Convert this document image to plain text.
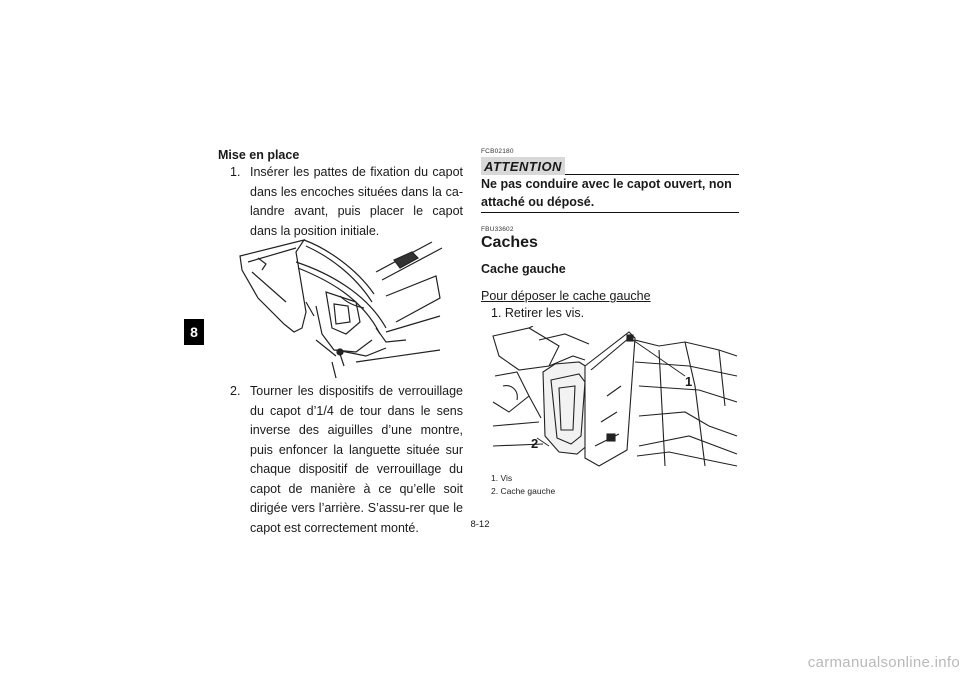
8
Mise en place
1. Insérer les pattes de fixation du capot dans les encoches situées dans la ca-landre avant, puis placer le capot dans la position initiale.
2. Tourner les dispositifs de verrouillage du capot d’1/4 de tour dans le sens inverse des aiguilles d’une montre, puis enfoncer la languette située sur chaque dispositif de verrouillage du capot de manière à ce qu’elle soit dirigée vers l’arrière. S’assu-rer que le capot est correctement monté.
FCB02180
ATTENTION
Ne pas conduire avec le capot ouvert, non attaché ou déposé.
FBU33602
Caches
Cache gauche
Pour déposer le cache gauche
1. Retirer les vis.
1
2
1. Vis
2. Cache gauche
8-12
carmanualsonline.info
